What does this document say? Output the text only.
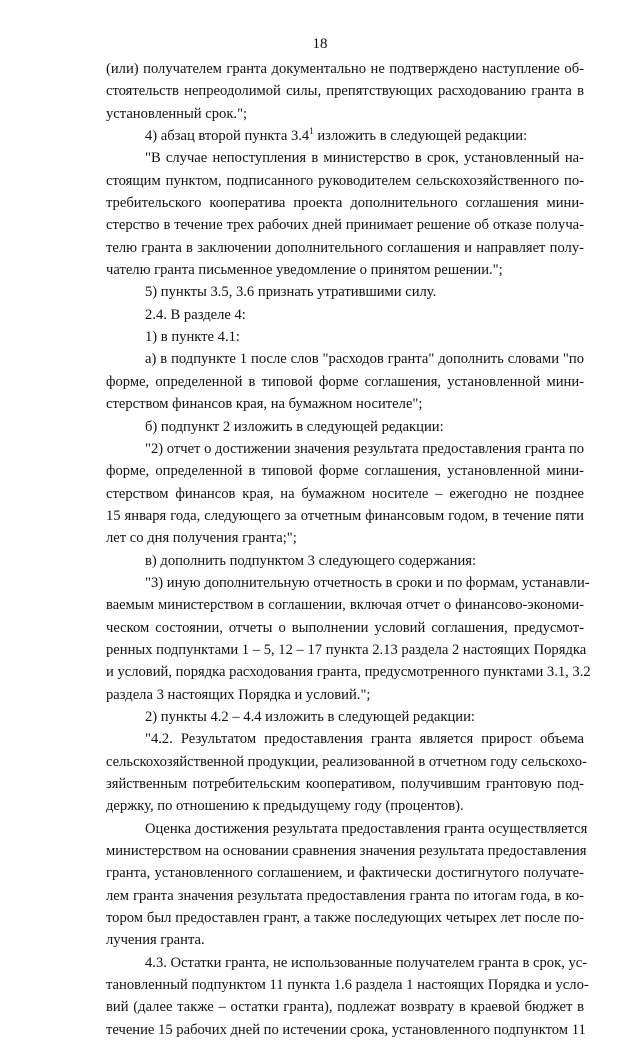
18
(или) получателем гранта документально не подтверждено наступление об-
стоятельств непреодолимой силы, препятствующих расходованию гранта в
установленный срок.";
4) абзац второй пункта $3.4^1$ изложить в следующей редакции:
"В случае непоступления в министерство в срок, установленный на-
стоящим пунктом, подписанного руководителем сельскохозяйственного по-
требительского кооператива проекта дополнительного соглашения мини-
стерство в течение трех рабочих дней принимает решение об отказе получа-
телю гранта в заключении дополнительного соглашения и направляет полу-
чателю гранта письменное уведомление о принятом решении.";
5) пункты 3.5, 3.6 признать утратившими силу.
2.4. В разделе 4:
1) в пункте 4.1:
а) в подпункте 1 после слов "расходов гранта" дополнить словами "по
форме, определенной в типовой форме соглашения, установленной мини-
стерством финансов края, на бумажном носителе";
б) подпункт 2 изложить в следующей редакции:
"2) отчет о достижении значения результата предоставления гранта по
форме, определенной в типовой форме соглашения, установленной мини-
стерством финансов края, на бумажном носителе – ежегодно не позднее
15 января года, следующего за отчетным финансовым годом, в течение пяти
лет со дня получения гранта;";
в) дополнить подпунктом 3 следующего содержания:
"3) иную дополнительную отчетность в сроки и по формам, устанавли-
ваемым министерством в соглашении, включая отчет о финансово-экономи-
ческом состоянии, отчеты о выполнении условий соглашения, предусмот-
ренных подпунктами 1 – 5, 12 – 17 пункта 2.13 раздела 2 настоящих Порядка
и условий, порядка расходования гранта, предусмотренного пунктами 3.1, 3.2
раздела 3 настоящих Порядка и условий.";
2) пункты 4.2 – 4.4 изложить в следующей редакции:
"4.2. Результатом предоставления гранта является прирост объема
сельскохозяйственной продукции, реализованной в отчетном году сельскохо-
зяйственным потребительским кооперативом, получившим грантовую под-
держку, по отношению к предыдущему году (процентов).
Оценка достижения результата предоставления гранта осуществляется
министерством на основании сравнения значения результата предоставления
гранта, установленного соглашением, и фактически достигнутого получате-
лем гранта значения результата предоставления гранта по итогам года, в ко-
тором был предоставлен грант, а также последующих четырех лет после по-
лучения гранта.
4.3. Остатки гранта, не использованные получателем гранта в срок, ус-
тановленный подпунктом 11 пункта 1.6 раздела 1 настоящих Порядка и усло-
вий (далее также – остатки гранта), подлежат возврату в краевой бюджет в
течение 15 рабочих дней по истечении срока, установленного подпунктом 11
